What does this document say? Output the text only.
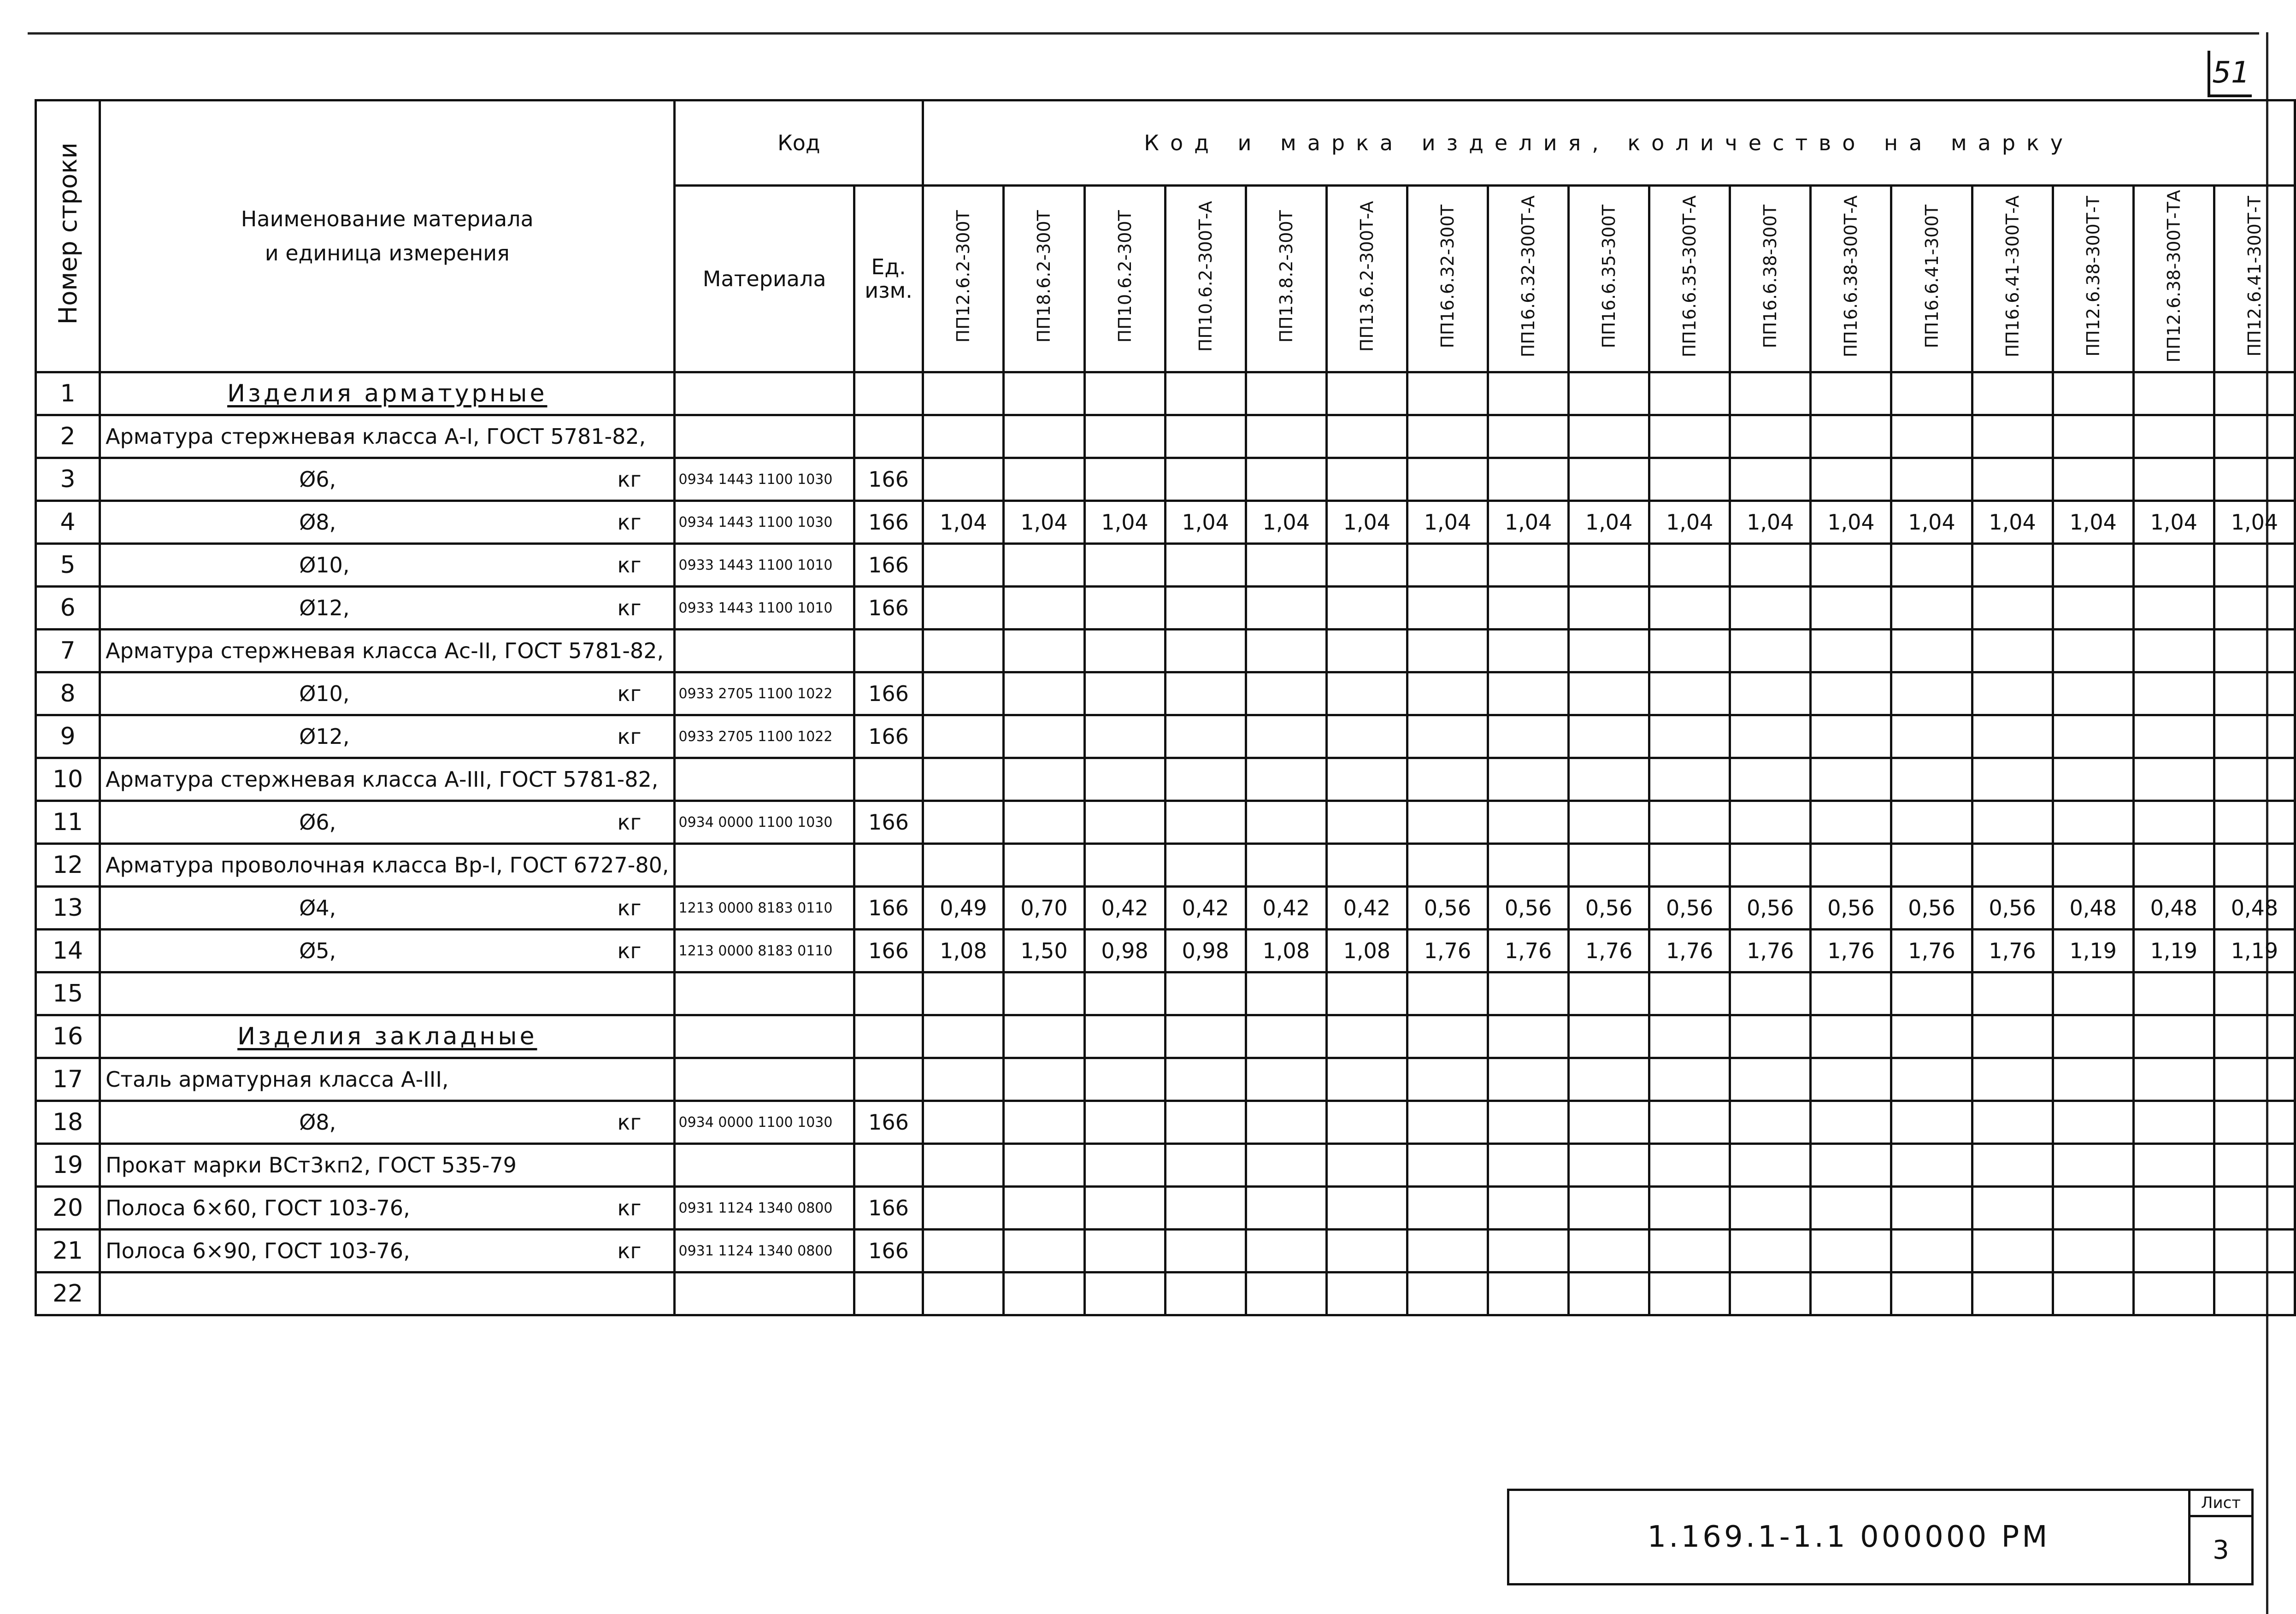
51
Номер строки	Наименование материала
и единица измерения	Код		Код и марка изделия, количество на марку																
		Материала	Ед. изм.	ПП12.6.2-300Т	ПП18.6.2-300Т	ПП10.6.2-300Т	ПП10.6.2-300Т-А	ПП13.8.2-300Т	ПП13.6.2-300Т-А	ПП16.6.32-300Т	ПП16.6.32-300Т-А	ПП16.6.35-300Т	ПП16.6.35-300Т-А	ПП16.6.38-300Т	ПП16.6.38-300Т-А	ПП16.6.41-300Т	ПП16.6.41-300Т-А	ПП12.6.38-300Т-Т	ПП12.6.38-300Т-ТА	ПП12.6.41-300Т-Т
1	Изделия арматурные																			
2	Арматура стержневая класса А-I, ГОСТ 5781-82,																			
3	Ø6, кг	0934 1443 1100 1030	166																	
4	Ø8, кг	0934 1443 1100 1030	166	1,04	1,04	1,04	1,04	1,04	1,04	1,04	1,04	1,04	1,04	1,04	1,04	1,04	1,04	1,04	1,04	1,04
5	Ø10, кг	0933 1443 1100 1010	166																	
6	Ø12, кг	0933 1443 1100 1010	166																	
7	Арматура стержневая класса Ас-II, ГОСТ 5781-82,																			
8	Ø10, кг	0933 2705 1100 1022	166																	
9	Ø12, кг	0933 2705 1100 1022	166																	
10	Арматура стержневая класса А-III, ГОСТ 5781-82,																			
11	Ø6, кг	0934 0000 1100 1030	166																	
12	Арматура проволочная класса Вр-I, ГОСТ 6727-80,																			
13	Ø4, кг	1213 0000 8183 0110	166	0,49	0,70	0,42	0,42	0,42	0,42	0,56	0,56	0,56	0,56	0,56	0,56	0,56	0,56	0,48	0,48	0,48
14	Ø5, кг	1213 0000 8183 0110	166	1,08	1,50	0,98	0,98	1,08	1,08	1,76	1,76	1,76	1,76	1,76	1,76	1,76	1,76	1,19	1,19	1,19
15																				
16	Изделия закладные																			
17	Сталь арматурная класса А-III,																			
18	Ø8, кг	0934 0000 1100 1030	166																	
19	Прокат марки ВСт3кп2, ГОСТ 535-79																			
20	Полоса 6×60, ГОСТ 103-76, кг	0931 1124 1340 0800	166																	
21	Полоса 6×90, ГОСТ 103-76, кг	0931 1124 1340 0800	166																	
22																				
1.169.1-1.1 000000 РМ	Лист
3
